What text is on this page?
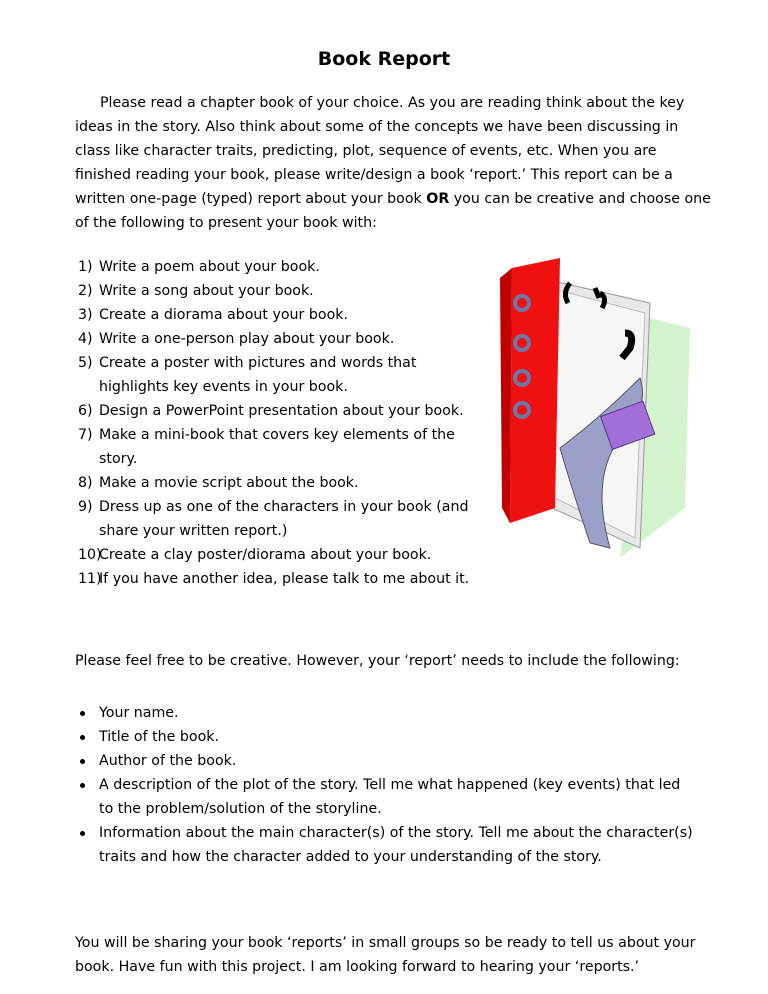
Book Report

Please read a chapter book of your choice. As you are reading think about the key ideas in the story. Also think about some of the concepts we have been discussing in class like character traits, predicting, plot, sequence of events, etc. When you are finished reading your book, please write/design a book ‘report.’ This report can be a written one-page (typed) report about your book OR you can be creative and choose one of the following to present your book with:

1) Write a poem about your book.
2) Write a song about your book.
3) Create a diorama about your book.
4) Write a one-person play about your book.
5) Create a poster with pictures and words that highlights key events in your book.
6) Design a PowerPoint presentation about your book.
7) Make a mini-book that covers key elements of the story.
8) Make a movie script about the book.
9) Dress up as one of the characters in your book (and share your written report.)
10)
Create a clay poster/diorama about your book.
11)
If you have another idea, please talk to me about it.

Please feel free to be creative. However, your ‘report’ needs to include the following:

Your name.
Title of the book.
Author of the book.
A description of the plot of the story. Tell me what happened (key events) that led to the problem/solution of the storyline.
Information about the main character(s) of the story. Tell me about the character(s) traits and how the character added to your understanding of the story.

You will be sharing your book ‘reports’ in small groups so be ready to tell us about your book. Have fun with this project. I am looking forward to hearing your ‘reports.’
